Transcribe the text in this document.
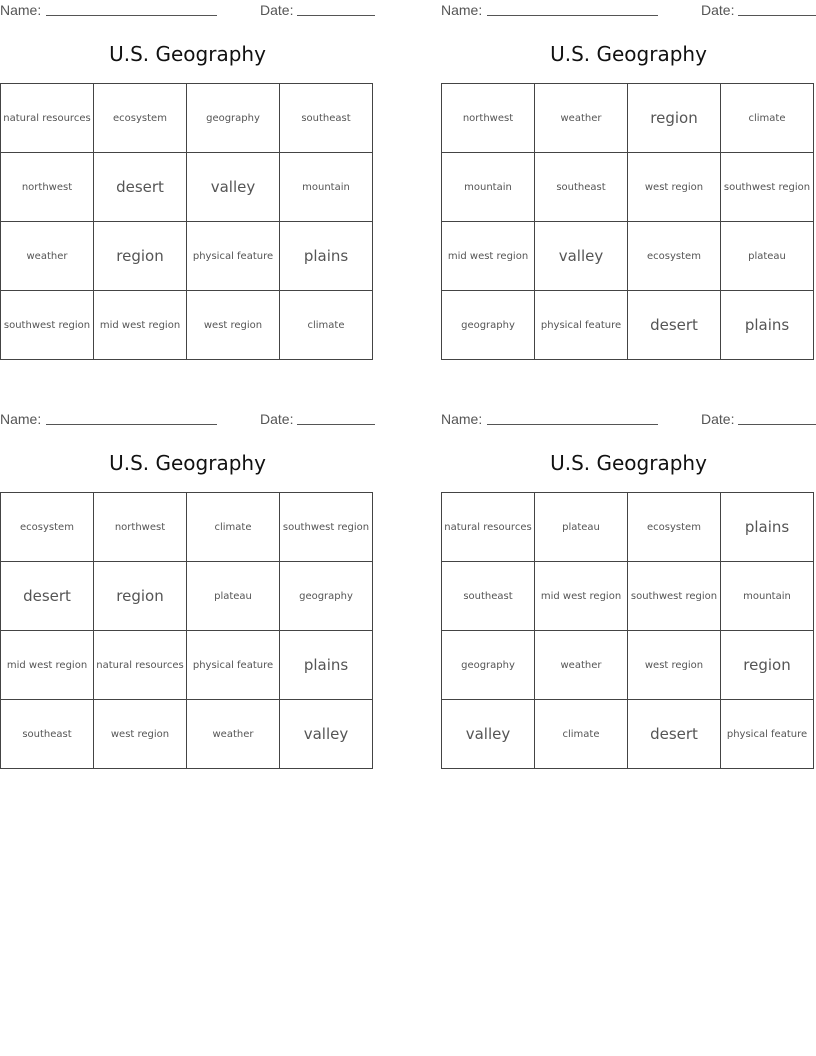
Name:	Date:
U.S. Geography
natural resources	ecosystem	geography	southeast
northwest	desert	valley	mountain
weather	region	physical feature	plains
southwest region	mid west region	west region	climate
Name:	Date:
U.S. Geography
northwest	weather	region	climate
mountain	southeast	west region	southwest region
mid west region	valley	ecosystem	plateau
geography	physical feature	desert	plains
Name:	Date:
U.S. Geography
ecosystem	northwest	climate	southwest region
desert	region	plateau	geography
mid west region	natural resources	physical feature	plains
southeast	west region	weather	valley
Name:	Date:
U.S. Geography
natural resources	plateau	ecosystem	plains
southeast	mid west region	southwest region	mountain
geography	weather	west region	region
valley	climate	desert	physical feature
